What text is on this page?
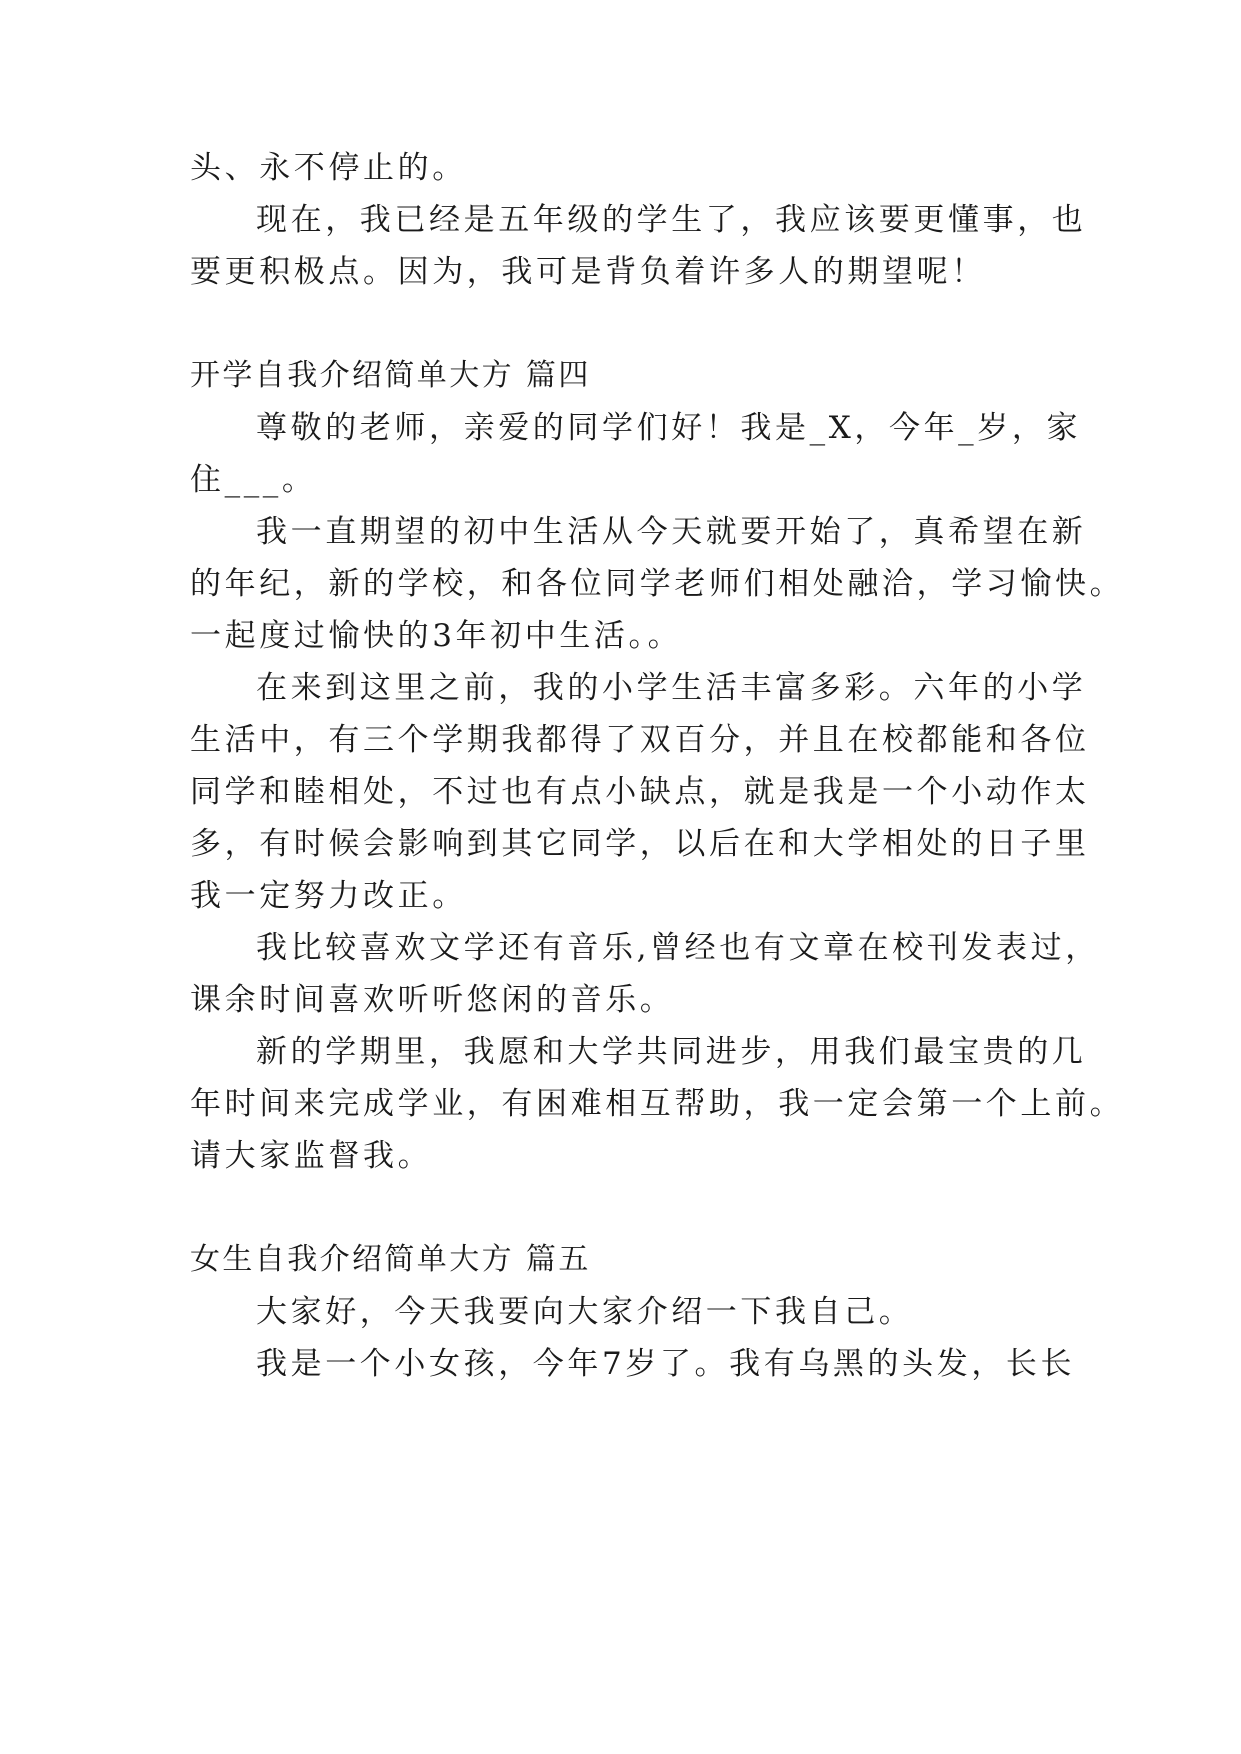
头、永不停止的。
现在，我已经是五年级的学生了，我应该要更懂事，也
要更积极点。因为，我可是背负着许多人的期望呢！
开学自我介绍简单大方 篇四
尊敬的老师，亲爱的同学们好！我是_X，今年_岁，家
住___。
我一直期望的初中生活从今天就要开始了，真希望在新
的年纪，新的学校，和各位同学老师们相处融洽，学习愉快。
一起度过愉快的3年初中生活。。
在来到这里之前，我的小学生活丰富多彩。六年的小学
生活中，有三个学期我都得了双百分，并且在校都能和各位
同学和睦相处，不过也有点小缺点，就是我是一个小动作太
多，有时候会影响到其它同学，以后在和大学相处的日子里
我一定努力改正。
我比较喜欢文学还有音乐,曾经也有文章在校刊发表过，
课余时间喜欢听听悠闲的音乐。
新的学期里，我愿和大学共同进步，用我们最宝贵的几
年时间来完成学业，有困难相互帮助，我一定会第一个上前。
请大家监督我。
女生自我介绍简单大方 篇五
大家好，今天我要向大家介绍一下我自己。
我是一个小女孩，今年7岁了。我有乌黑的头发，长长
